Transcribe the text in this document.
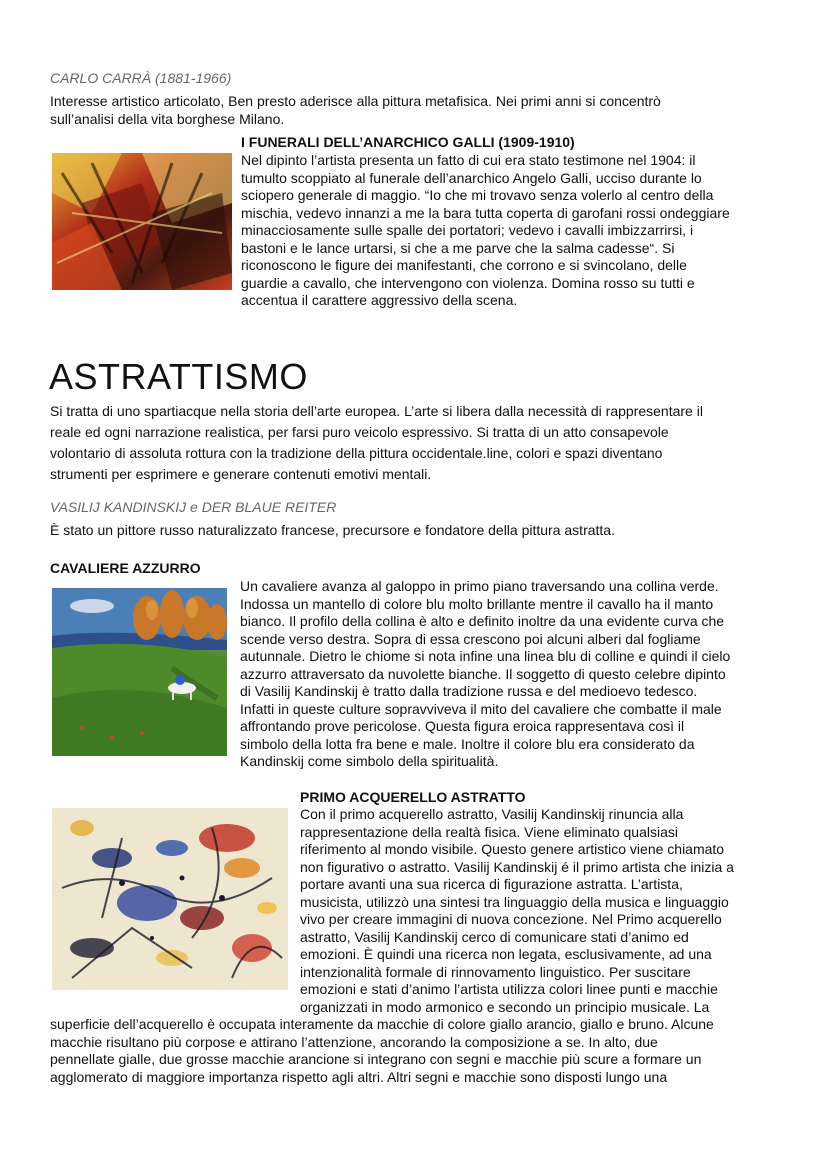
CARLO CARRÀ (1881-1966)
Interesse artistico articolato, Ben presto aderisce alla pittura metafisica. Nei primi anni si concentrò
sull’analisi della vita borghese Milano.
I FUNERALI DELL’ANARCHICO GALLI (1909-1910)

Nel dipinto l’artista presenta un fatto di cui era stato testimone nel 1904: il

tumulto scoppiato al funerale dell’anarchico Angelo Galli, ucciso durante lo

sciopero generale di maggio. “Io che mi trovavo senza volerlo al centro della

mischia, vedevo innanzi a me la bara tutta coperta di garofani rossi ondeggiare

minacciosamente sulle spalle dei portatori; vedevo i cavalli imbizzarrirsi, i

bastoni e le lance urtarsi, si che a me parve che la salma cadesse“. Si

riconoscono le figure dei manifestanti, che corrono e si svincolano, delle

guardie a cavallo, che intervengono con violenza. Domina rosso su tutti e

accentua il carattere aggressivo della scena.

ASTRATTISMO

Si tratta di uno spartiacque nella storia dell’arte europea. L’arte si libera dalla necessità di rappresentare il

reale ed ogni narrazione realistica, per farsi puro veicolo espressivo. Si tratta di un atto consapevole

volontario di assoluta rottura con la tradizione della pittura occidentale.line, colori e spazi diventano

strumenti per esprimere e generare contenuti emotivi mentali.

VASILIJ KANDINSKIJ e DER BLAUE REITER
È stato un pittore russo naturalizzato francese, precursore e fondatore della pittura astratta.
CAVALIERE AZZURRO

Un cavaliere avanza al galoppo in primo piano traversando una collina verde.

Indossa un mantello di colore blu molto brillante mentre il cavallo ha il manto

bianco. Il profilo della collina è alto e definito inoltre da una evidente curva che

scende verso destra. Sopra di essa crescono poi alcuni alberi dal fogliame

autunnale. Dietro le chiome si nota infine una linea blu di colline e quindi il cielo

azzurro attraversato da nuvolette bianche. Il soggetto di questo celebre dipinto

di Vasilij Kandinskij è tratto dalla tradizione russa e del medioevo tedesco.

Infatti in queste culture sopravviveva il mito del cavaliere che combatte il male

affrontando prove pericolose. Questa figura eroica rappresentava così il

simbolo della lotta fra bene e male. Inoltre il colore blu era considerato da

Kandinskij come simbolo della spiritualità.

PRIMO ACQUERELLO ASTRATTO

Con il primo acquerello astratto, Vasilij Kandinskij rinuncia alla

rappresentazione della realtà fisica. Viene eliminato qualsiasi

riferimento al mondo visibile. Questo genere artistico viene chiamato

non figurativo o astratto. Vasilij Kandinskij é il primo artista che inizia a

portare avanti una sua ricerca di figurazione astratta. L’artista,

musicista, utilizzò una sintesi tra linguaggio della musica e linguaggio

vivo per creare immagini di nuova concezione. Nel Primo acquerello

astratto, Vasilij Kandinskij cerco di comunicare stati d’animo ed

emozioni. È quindi una ricerca non legata, esclusivamente, ad una

intenzionalità formale di rinnovamento linguistico. Per suscitare

emozioni e stati d’animo l’artista utilizza colori linee punti e macchie

organizzati in modo armonico e secondo un principio musicale. La

superficie dell’acquerello è occupata interamente da macchie di colore giallo arancio, giallo e bruno. Alcune

macchie risultano più corpose e attirano l’attenzione, ancorando la composizione a se. In alto, due

pennellate gialle, due grosse macchie arancione si integrano con segni e macchie più scure a formare un

agglomerato di maggiore importanza rispetto agli altri. Altri segni e macchie sono disposti lungo una
